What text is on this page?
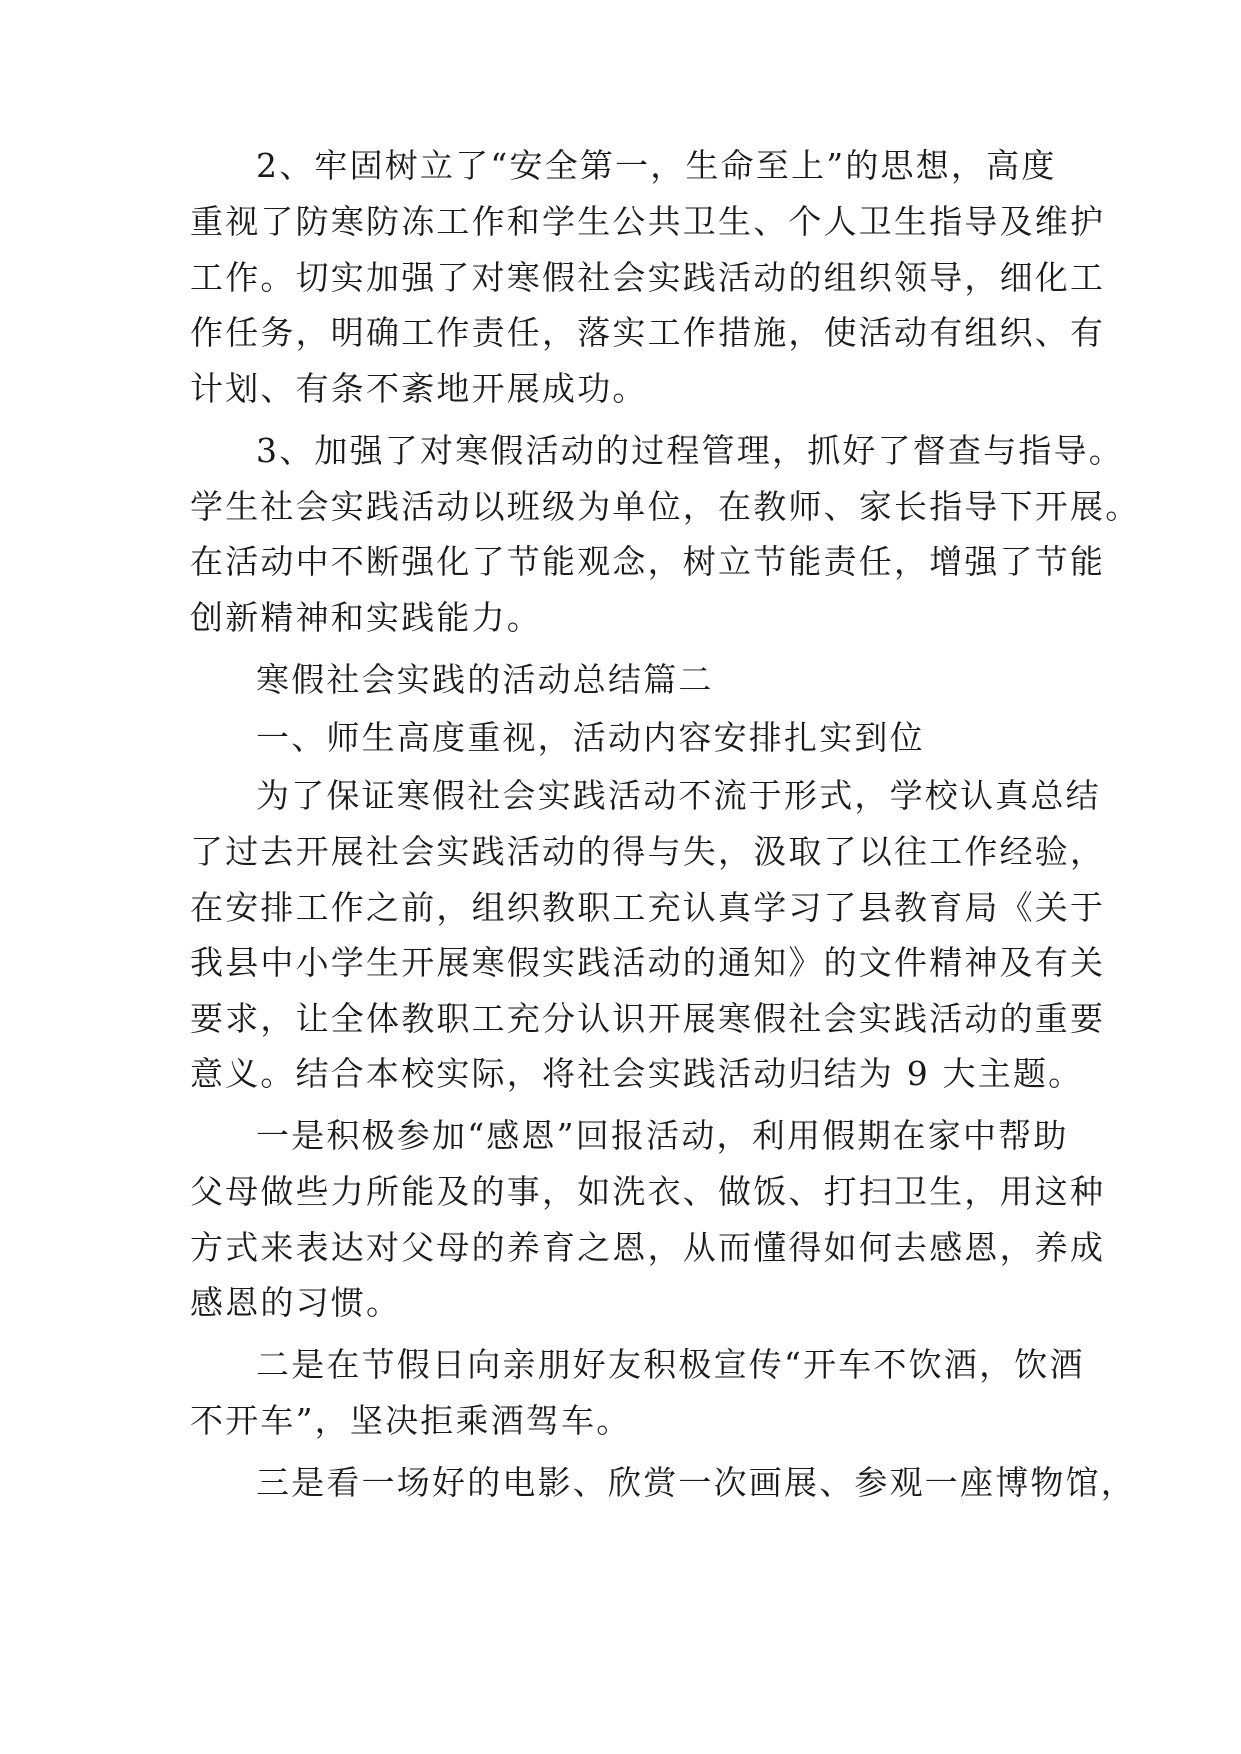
2、牢固树立了“安全第一，生命至上”的思想，高度
重视了防寒防冻工作和学生公共卫生、个人卫生指导及维护
工作。切实加强了对寒假社会实践活动的组织领导，细化工
作任务，明确工作责任，落实工作措施，使活动有组织、有
计划、有条不紊地开展成功。
3、加强了对寒假活动的过程管理，抓好了督查与指导。
学生社会实践活动以班级为单位，在教师、家长指导下开展。
在活动中不断强化了节能观念，树立节能责任，增强了节能
创新精神和实践能力。
寒假社会实践的活动总结篇二
一、师生高度重视，活动内容安排扎实到位
为了保证寒假社会实践活动不流于形式，学校认真总结
了过去开展社会实践活动的得与失，汲取了以往工作经验，
在安排工作之前，组织教职工充认真学习了县教育局《关于
我县中小学生开展寒假实践活动的通知》的文件精神及有关
要求，让全体教职工充分认识开展寒假社会实践活动的重要
意义。结合本校实际，将社会实践活动归结为 9 大主题。
一是积极参加“感恩”回报活动，利用假期在家中帮助
父母做些力所能及的事，如洗衣、做饭、打扫卫生，用这种
方式来表达对父母的养育之恩，从而懂得如何去感恩，养成
感恩的习惯。
二是在节假日向亲朋好友积极宣传“开车不饮酒，饮酒
不开车”，坚决拒乘酒驾车。
三是看一场好的电影、欣赏一次画展、参观一座博物馆，
